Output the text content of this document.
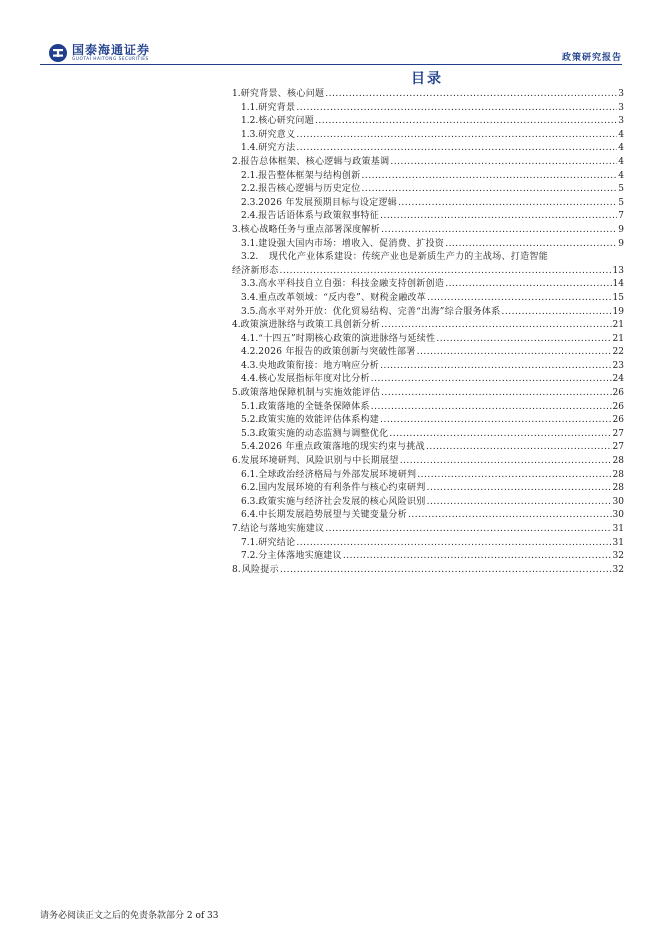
国泰海通证券
GUOTAI HAITONG SECURITIES	政策研究报告
目录
1. 研究背景、核心问题 .....	3
1.1. 研究背景 .....	3
1.2. 核心研究问题 .....	3
1.3. 研究意义 .....	4
1.4. 研究方法 .....	4
2. 报告总体框架、核心逻辑与政策基调 .....	4
2.1. 报告整体框架与结构创新 .....	4
2.2. 报告核心逻辑与历史定位 .....	5
2.3. 2026 年发展预期目标与设定逻辑 .....	5
2.4. 报告话语体系与政策叙事特征 .....	7
3. 核心战略任务与重点部署深度解析 .....	9
3.1. 建设强大国内市场：增收入、促消费、扩投资 .....	9
3.2.	现代化产业体系建设：传统产业也是新质生产力的主战场、打造智能
经济新形态 .....	13
3.3. 高水平科技自立自强：科技金融支持创新创造 .....	14
3.4. 重点改革领域：“反内卷”、财税金融改革 .....	15
3.5. 高水平对外开放：优化贸易结构、完善“出海”综合服务体系 .....	19
4. 政策演进脉络与政策工具创新分析 .....	21
4.1. “十四五”时期核心政策的演进脉络与延续性 .....	21
4.2. 2026 年报告的政策创新与突破性部署 .....	22
4.3. 央地政策衔接：地方响应分析 .....	23
4.4. 核心发展指标年度对比分析 .....	24
5. 政策落地保障机制与实施效能评估 .....	26
5.1. 政策落地的全链条保障体系 .....	26
5.2. 政策实施的效能评估体系构建 .....	26
5.3. 政策实施的动态监测与调整优化 .....	27
5.4. 2026 年重点政策落地的现实约束与挑战 .....	27
6. 发展环境研判、风险识别与中长期展望 .....	28
6.1. 全球政治经济格局与外部发展环境研判 .....	28
6.2. 国内发展环境的有利条件与核心约束研判 .....	28
6.3. 政策实施与经济社会发展的核心风险识别 .....	30
6.4. 中长期发展趋势展望与关键变量分析 .....	30
7. 结论与落地实施建议 .....	31
7.1. 研究结论 .....	31
7.2. 分主体落地实施建议 .....	32
8. 风险提示 .....	32
请务必阅读正文之后的免责条款部分 2 of 33
